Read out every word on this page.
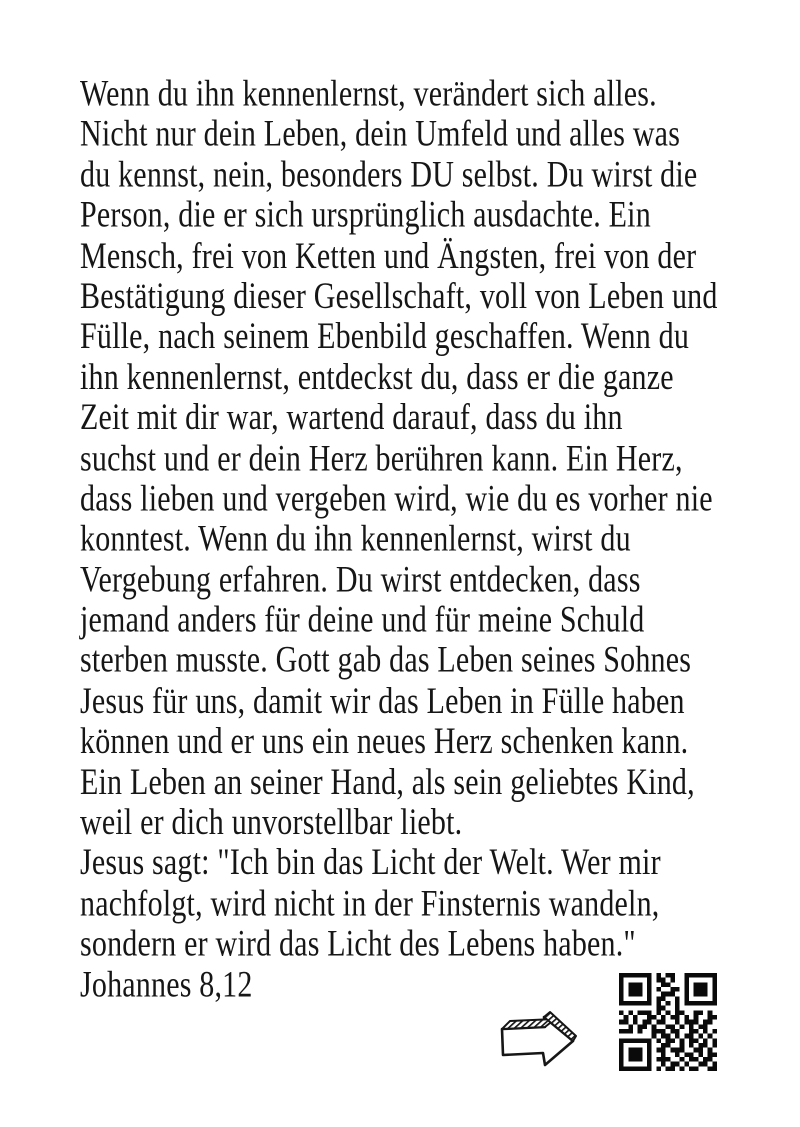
Wenn du ihn kennenlernst, verändert sich alles.
Nicht nur dein Leben, dein Umfeld und alles was
du kennst, nein, besonders DU selbst. Du wirst die
Person, die er sich ursprünglich ausdachte. Ein
Mensch, frei von Ketten und Ängsten, frei von der
Bestätigung dieser Gesellschaft, voll von Leben und
Fülle, nach seinem Ebenbild geschaffen. Wenn du
ihn kennenlernst, entdeckst du, dass er die ganze
Zeit mit dir war, wartend darauf, dass du ihn
suchst und er dein Herz berühren kann. Ein Herz,
dass lieben und vergeben wird, wie du es vorher nie
konntest. Wenn du ihn kennenlernst, wirst du
Vergebung erfahren. Du wirst entdecken, dass
jemand anders für deine und für meine Schuld
sterben musste. Gott gab das Leben seines Sohnes
Jesus für uns, damit wir das Leben in Fülle haben
können und er uns ein neues Herz schenken kann.
Ein Leben an seiner Hand, als sein geliebtes Kind,
weil er dich unvorstellbar liebt.
Jesus sagt: "Ich bin das Licht der Welt. Wer mir
nachfolgt, wird nicht in der Finsternis wandeln,
sondern er wird das Licht des Lebens haben."
Johannes 8,12
